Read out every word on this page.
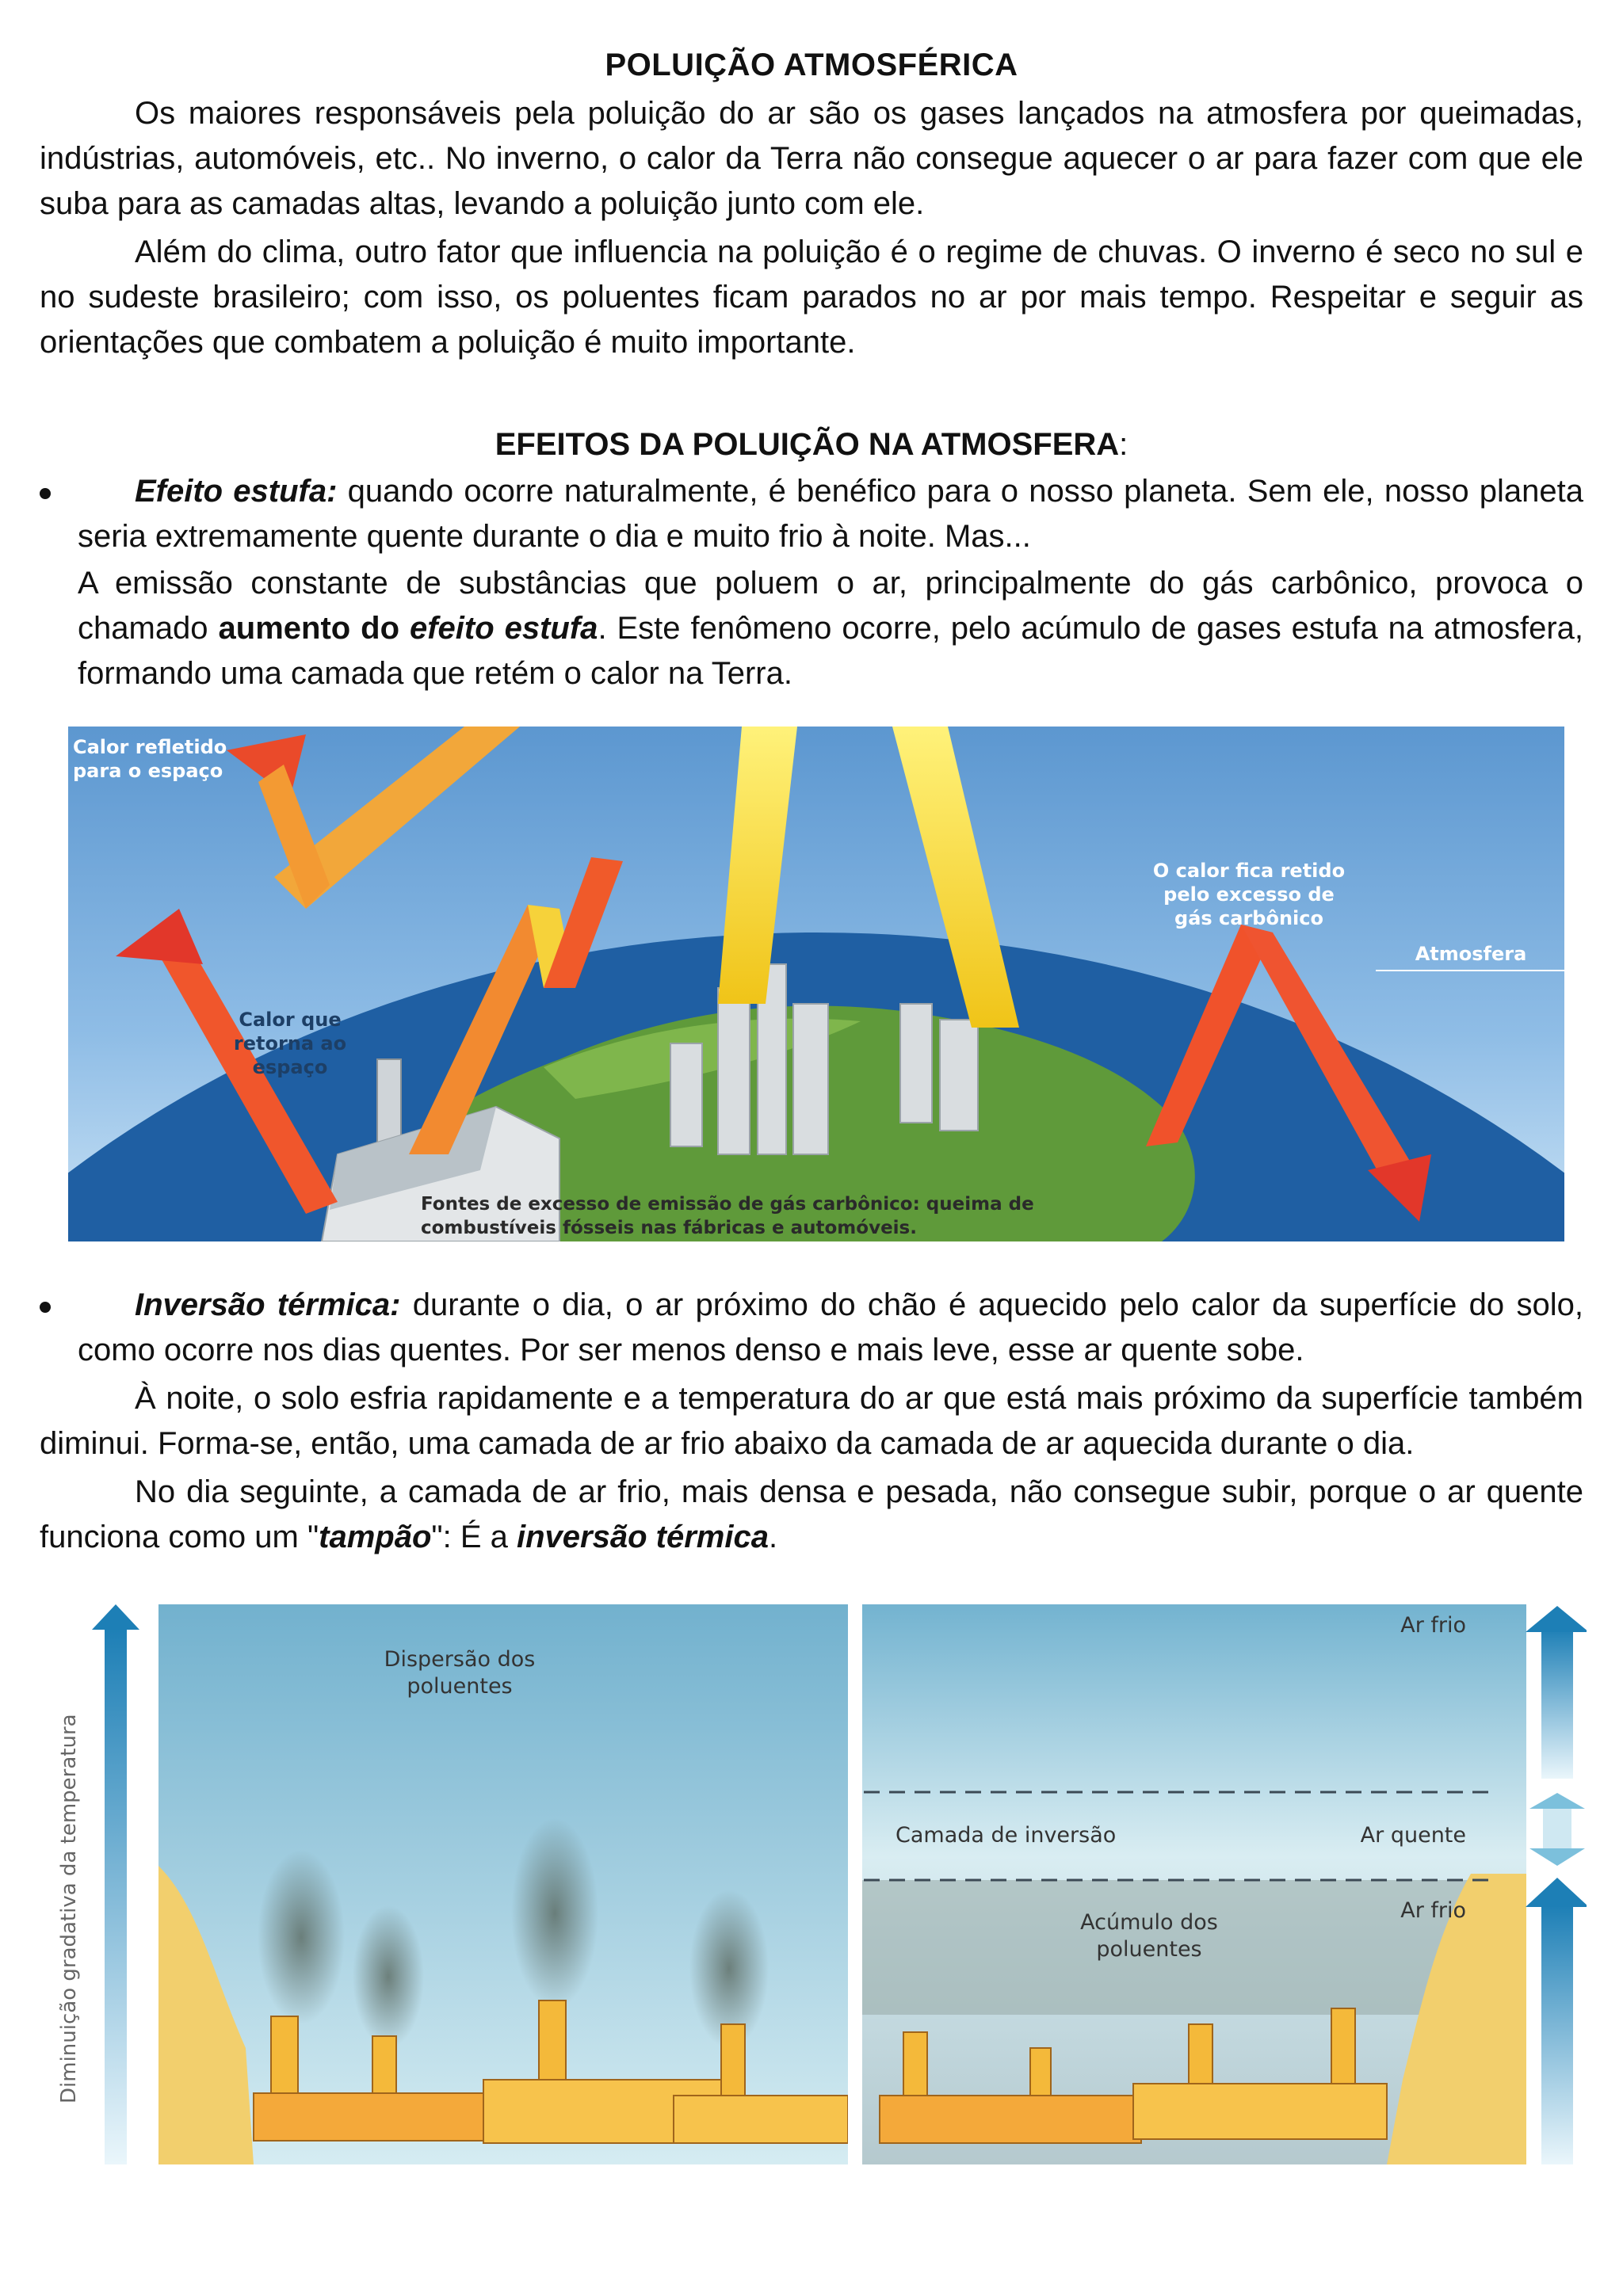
POLUIÇÃO ATMOSFÉRICA

Os maiores responsáveis pela poluição do ar são os gases lançados na atmosfera por queimadas, indústrias, automóveis, etc.. No inverno, o calor da Terra não consegue aquecer o ar para fazer com que ele suba para as camadas altas, levando a poluição junto com ele.

Além do clima, outro fator que influencia na poluição é o regime de chuvas. O inverno é seco no sul e no sudeste brasileiro; com isso, os poluentes ficam parados no ar por mais tempo. Respeitar e seguir as orientações que combatem a poluição é muito importante.

EFEITOS DA POLUIÇÃO NA ATMOSFERA:

Efeito estufa: quando ocorre naturalmente, é benéfico para o nosso planeta. Sem ele, nosso planeta seria extremamente quente durante o dia e muito frio à noite. Mas...

A emissão constante de substâncias que poluem o ar, principalmente do gás carbônico, provoca o chamado aumento do efeito estufa. Este fenômeno ocorre, pelo acúmulo de gases estufa na atmosfera, formando uma camada que retém o calor na Terra.

Inversão térmica: durante o dia, o ar próximo do chão é aquecido pelo calor da superfície do solo, como ocorre nos dias quentes. Por ser menos denso e mais leve, esse ar quente sobe.

À noite, o solo esfria rapidamente e a temperatura do ar que está mais próximo da superfície também diminui. Forma-se, então, uma camada de ar frio abaixo da camada de ar aquecida durante o dia.

No dia seguinte, a camada de ar frio, mais densa e pesada, não consegue subir, porque o ar quente funciona como um "tampão": É a inversão térmica.

Calor refletido
para o espaço
O calor fica retido
pelo excesso de
gás carbônico
Atmosfera
Calor que
retorna ao
espaço
Fontes de excesso de emissão de gás carbônico: queima de
combustíveis fósseis nas fábricas e automóveis.
Diminuição gradativa da temperatura
Dispersão dos
poluentes
Ar frio
Camada de inversão	Ar quente
Ar frio
Acúmulo dos
poluentes
